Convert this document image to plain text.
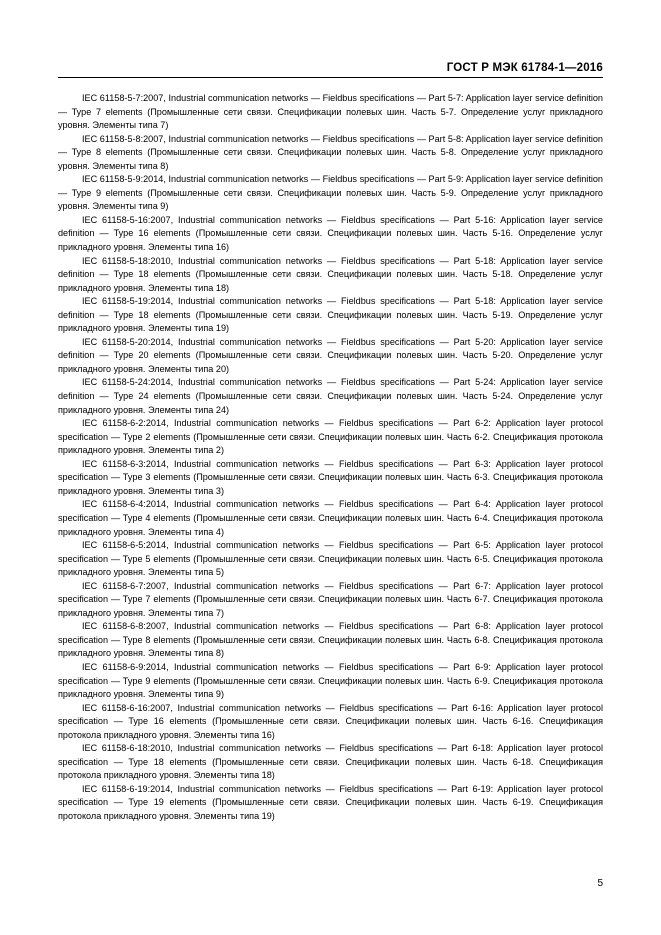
ГОСТ Р МЭК 61784-1—2016

IEC 61158-5-7:2007, Industrial communication networks — Fieldbus specifications — Part 5-7: Application layer service definition — Type 7 elements (Промышленные сети связи. Спецификации полевых шин. Часть 5-7. Определение услуг прикладного уровня. Элементы типа 7)

IEC 61158-5-8:2007, Industrial communication networks — Fieldbus specifications — Part 5-8: Application layer service definition — Type 8 elements (Промышленные сети связи. Спецификации полевых шин. Часть 5-8. Определение услуг прикладного уровня. Элементы типа 8)

IEC 61158-5-9:2014, Industrial communication networks — Fieldbus specifications — Part 5-9: Application layer service definition — Type 9 elements (Промышленные сети связи. Спецификации полевых шин. Часть 5-9. Определение услуг прикладного уровня. Элементы типа 9)

IEC 61158-5-16:2007, Industrial communication networks — Fieldbus specifications — Part 5-16: Application layer service definition — Type 16 elements (Промышленные сети связи. Спецификации полевых шин. Часть 5-16. Определение услуг прикладного уровня. Элементы типа 16)

IEC 61158-5-18:2010, Industrial communication networks — Fieldbus specifications — Part 5-18: Application layer service definition — Type 18 elements (Промышленные сети связи. Спецификации полевых шин. Часть 5-18. Определение услуг прикладного уровня. Элементы типа 18)

IEC 61158-5-19:2014, Industrial communication networks — Fieldbus specifications — Part 5-18: Application layer service definition — Type 18 elements (Промышленные сети связи. Спецификации полевых шин. Часть 5-19. Определение услуг прикладного уровня. Элементы типа 19)

IEC 61158-5-20:2014, Industrial communication networks — Fieldbus specifications — Part 5-20: Application layer service definition — Type 20 elements (Промышленные сети связи. Спецификации полевых шин. Часть 5-20. Определение услуг прикладного уровня. Элементы типа 20)

IEC 61158-5-24:2014, Industrial communication networks — Fieldbus specifications — Part 5-24: Application layer service definition — Type 24 elements (Промышленные сети связи. Спецификации полевых шин. Часть 5-24. Определение услуг прикладного уровня. Элементы типа 24)

IEC 61158-6-2:2014, Industrial communication networks — Fieldbus specifications — Part 6-2: Application layer protocol specification — Type 2 elements (Промышленные сети связи. Спецификации полевых шин. Часть 6-2. Спецификация протокола прикладного уровня. Элементы типа 2)

IEC 61158-6-3:2014, Industrial communication networks — Fieldbus specifications — Part 6-3: Application layer protocol specification — Type 3 elements (Промышленные сети связи. Спецификации полевых шин. Часть 6-3. Спецификация протокола прикладного уровня. Элементы типа 3)

IEC 61158-6-4:2014, Industrial communication networks — Fieldbus specifications — Part 6-4: Application layer protocol specification — Type 4 elements (Промышленные сети связи. Спецификации полевых шин. Часть 6-4. Спецификация протокола прикладного уровня. Элементы типа 4)

IEC 61158-6-5:2014, Industrial communication networks — Fieldbus specifications — Part 6-5: Application layer protocol specification — Type 5 elements (Промышленные сети связи. Спецификации полевых шин. Часть 6-5. Спецификация протокола прикладного уровня. Элементы типа 5)

IEC 61158-6-7:2007, Industrial communication networks — Fieldbus specifications — Part 6-7: Application layer protocol specification — Type 7 elements (Промышленные сети связи. Спецификации полевых шин. Часть 6-7. Спецификация протокола прикладного уровня. Элементы типа 7)

IEC 61158-6-8:2007, Industrial communication networks — Fieldbus specifications — Part 6-8: Application layer protocol specification — Type 8 elements (Промышленные сети связи. Спецификации полевых шин. Часть 6-8. Спецификация протокола прикладного уровня. Элементы типа 8)

IEC 61158-6-9:2014, Industrial communication networks — Fieldbus specifications — Part 6-9: Application layer protocol specification — Type 9 elements (Промышленные сети связи. Спецификации полевых шин. Часть 6-9. Спецификация протокола прикладного уровня. Элементы типа 9)

IEC 61158-6-16:2007, Industrial communication networks — Fieldbus specifications — Part 6-16: Application layer protocol specification — Type 16 elements (Промышленные сети связи. Спецификации полевых шин. Часть 6-16. Спецификация протокола прикладного уровня. Элементы типа 16)

IEC 61158-6-18:2010, Industrial communication networks — Fieldbus specifications — Part 6-18: Application layer protocol specification — Type 18 elements (Промышленные сети связи. Спецификации полевых шин. Часть 6-18. Спецификация протокола прикладного уровня. Элементы типа 18)

IEC 61158-6-19:2014, Industrial communication networks — Fieldbus specifications — Part 6-19: Application layer protocol specification — Type 19 elements (Промышленные сети связи. Спецификации полевых шин. Часть 6-19. Спецификация протокола прикладного уровня. Элементы типа 19)

5
